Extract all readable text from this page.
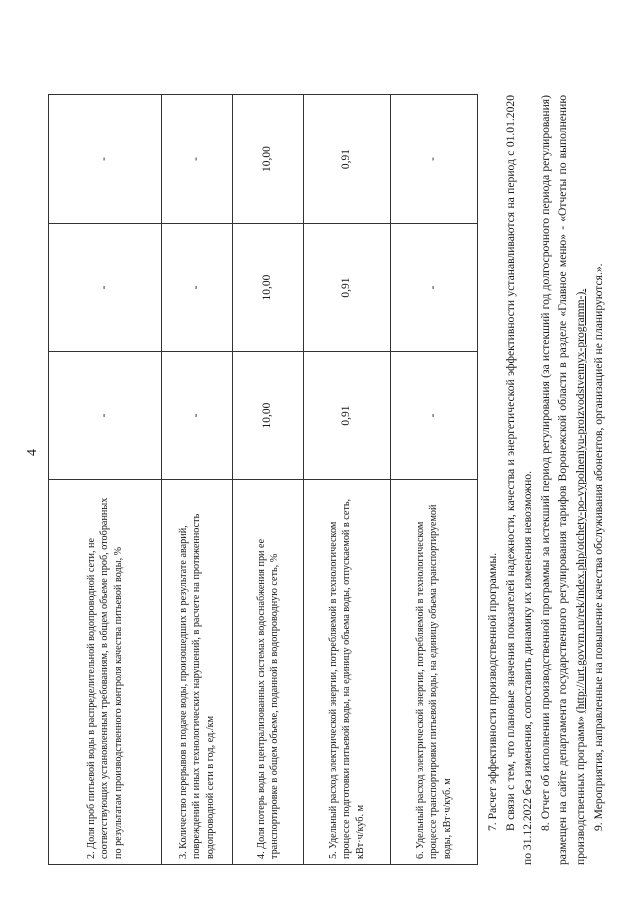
4
2. Доля проб питьевой воды в распределительной водопроводной сети, не соответствующих установленным требованиям, в общем объеме проб, отобранных по результатам производственного контроля качества питьевой воды, %	-	-	-
3. Количество перерывов в подаче воды, произошедших в результате аварий, повреждений и иных технологических нарушений, в расчете на протяженность водопроводной сети в год, ед./км	-	-	-
4. Доля потерь воды в централизованных системах водоснабжения при ее транспортировке в общем объеме, поданной в водопроводную сеть, %	10,00	10,00	10,00
5. Удельный расход электрической энергии, потребляемой в технологическом процессе подготовки питьевой воды, на единицу объема воды, отпускаемой в сеть, кВт·ч/куб. м	0,91	0,91	0,91
6. Удельный расход электрической энергии, потребляемой в технологическом процессе транспортировки питьевой воды, на единицу объема транспортируемой воды, кВт·ч/куб. м	-	-	-

7. Расчет эффективности производственной программы. В связи с тем, что плановые значения показателей надежности, качества и энергетической эффективности устанавливаются на период с 01.01.2020 по 31.12.2022 без изменения, сопоставить динамику их изменения невозможно. 8. Отчет об исполнении производственной программы за истекший период регулирования (за истекший год долгосрочного периода регулирования) размещен на сайте департамента государственного регулирования тарифов Воронежской области в разделе «Главное меню» - «Отчеты по выполнению производственных программ» (http://urt.govvrn.ru/rek/index.php/otchety-po-vypolneniyu-proizvodstvennyx-programm-). 9. Мероприятия, направленные на повышение качества обслуживания абонентов, организацией не планируются.».
